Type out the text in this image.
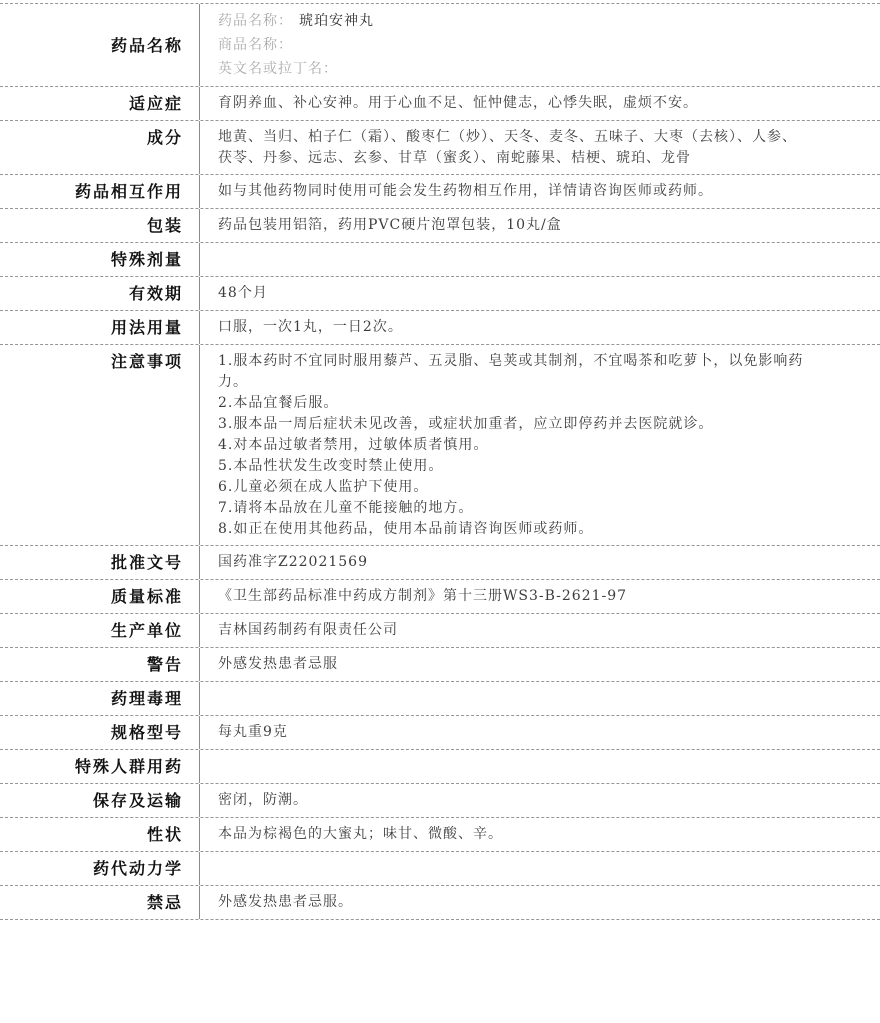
药品名称
药品名称： 琥珀安神丸
商品名称：
英文名或拉丁名：
适应症	育阴养血、补心安神。用于心血不足、怔忡健志，心悸失眠，虚烦不安。
成分	地黄、当归、柏子仁（霜）、酸枣仁（炒）、天冬、麦冬、五味子、大枣（去核）、人参、
茯苓、丹参、远志、玄参、甘草（蜜炙）、南蛇藤果、桔梗、琥珀、龙骨
药品相互作用	如与其他药物同时使用可能会发生药物相互作用，详情请咨询医师或药师。
包装	药品包装用铝箔，药用PVC硬片泡罩包装，10丸/盒
特殊剂量
有效期	48个月
用法用量	口服，一次1丸，一日2次。
注意事项	1.服本药时不宜同时服用藜芦、五灵脂、皂荚或其制剂，不宜喝茶和吃萝卜，以免影响药
力。
2.本品宜餐后服。
3.服本品一周后症状未见改善，或症状加重者，应立即停药并去医院就诊。
4.对本品过敏者禁用，过敏体质者慎用。
5.本品性状发生改变时禁止使用。
6.儿童必须在成人监护下使用。
7.请将本品放在儿童不能接触的地方。
8.如正在使用其他药品，使用本品前请咨询医师或药师。
批准文号	国药准字Z22021569
质量标准	《卫生部药品标准中药成方制剂》第十三册WS3-B-2621-97
生产单位	吉林国药制药有限责任公司
警告	外感发热患者忌服
药理毒理
规格型号	每丸重9克
特殊人群用药
保存及运输	密闭，防潮。
性状	本品为棕褐色的大蜜丸；味甘、微酸、辛。
药代动力学
禁忌	外感发热患者忌服。
